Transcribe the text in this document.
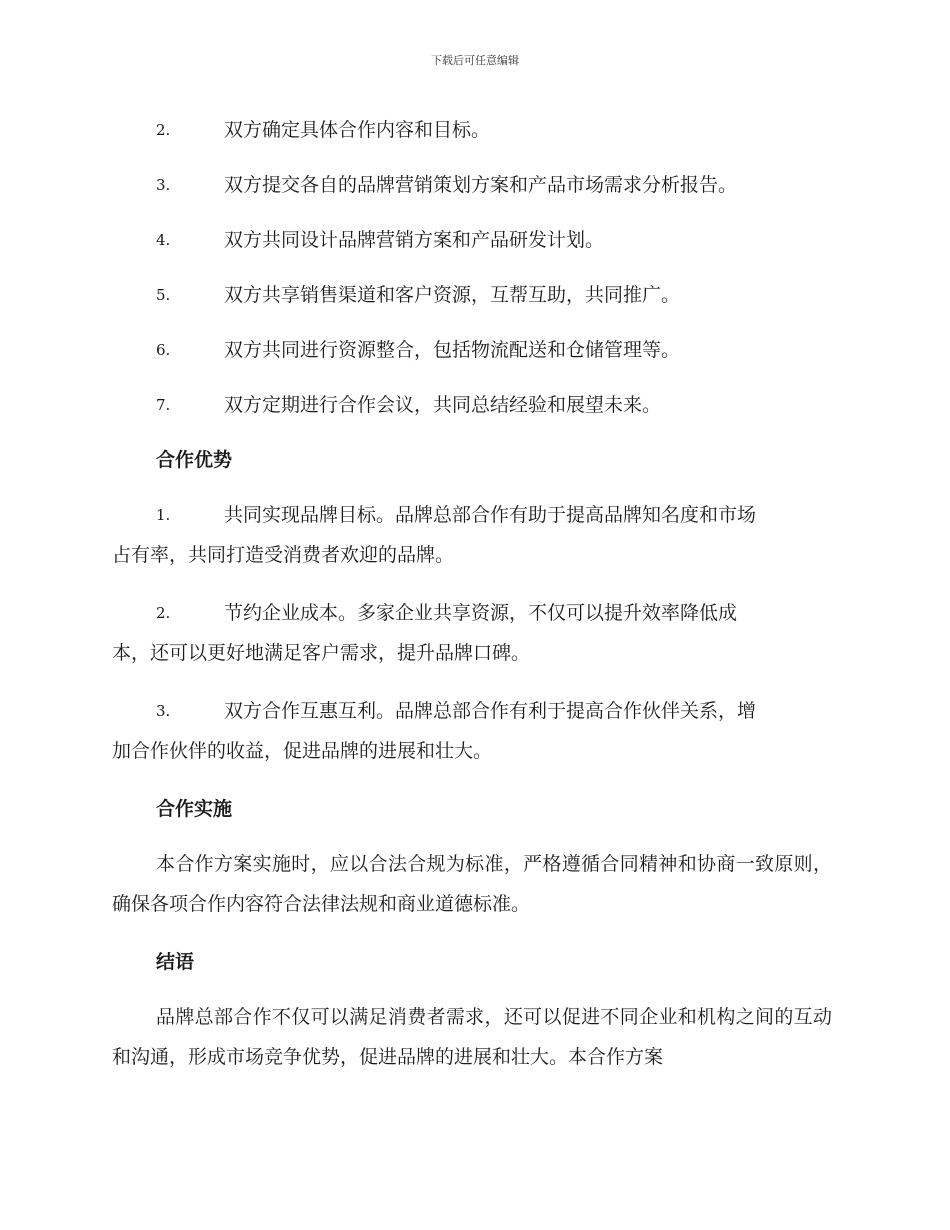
下载后可任意编辑
2.	双方确定具体合作内容和目标。
3.	双方提交各自的品牌营销策划方案和产品市场需求分析报告。
4.	双方共同设计品牌营销方案和产品研发计划。
5.	双方共享销售渠道和客户资源，互帮互助，共同推广。
6.	双方共同进行资源整合，包括物流配送和仓储管理等。
7.	双方定期进行合作会议，共同总结经验和展望未来。
合作优势
1.	共同实现品牌目标。品牌总部合作有助于提高品牌知名度和市场
占有率，共同打造受消费者欢迎的品牌。
2.	节约企业成本。多家企业共享资源，不仅可以提升效率降低成
本，还可以更好地满足客户需求，提升品牌口碑。
3.	双方合作互惠互利。品牌总部合作有利于提高合作伙伴关系，增
加合作伙伴的收益，促进品牌的进展和壮大。
合作实施

本合作方案实施时，应以合法合规为标准，严格遵循合同精神和协商一致原则，确保各项合作内容符合法律法规和商业道德标准。

结语

品牌总部合作不仅可以满足消费者需求，还可以促进不同企业和机构之间的互动和沟通，形成市场竞争优势，促进品牌的进展和壮大。本合作方案
